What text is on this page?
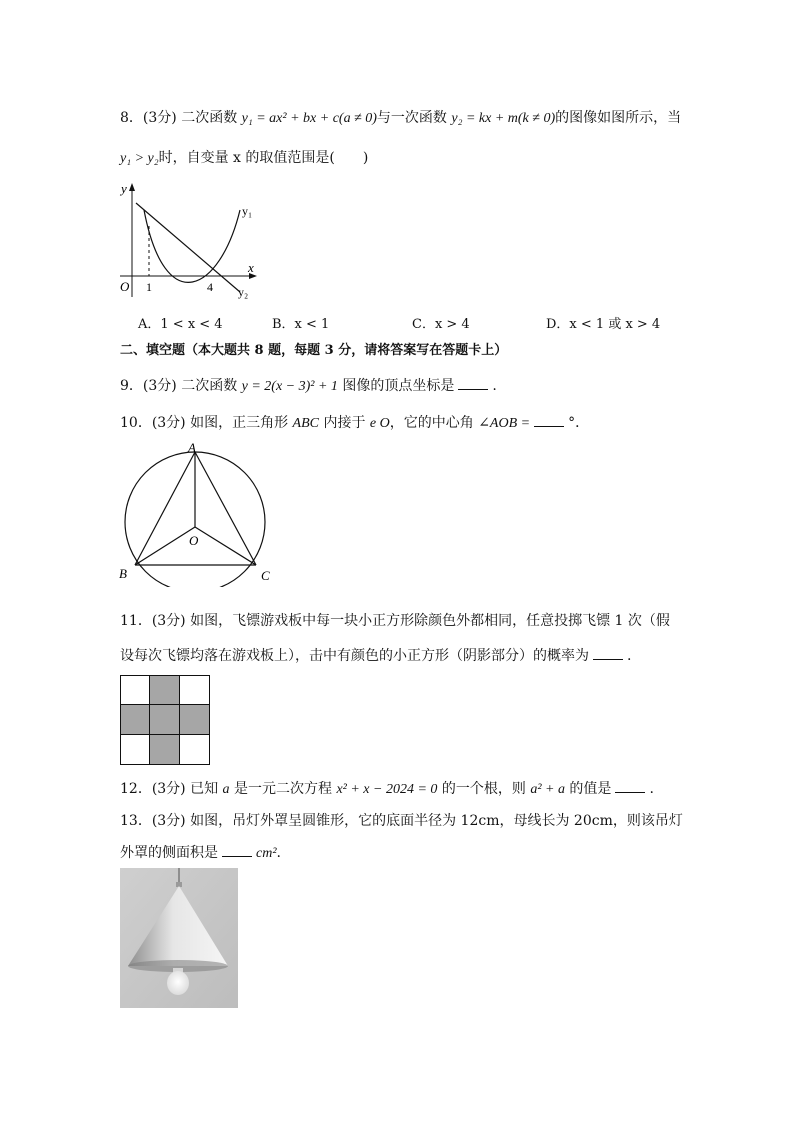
8．(3分) 二次函数 y₁ = ax² + bx + c(a ≠ 0)与一次函数 y₂ = kx + m(k ≠ 0)的图像如图所示，当
y₁ > y₂时，自变量 x 的取值范围是(　　)
y
x
O 1	4
y₁
y₂
A．1 < x < 4	B．x < 1	C．x > 4	D．x < 1 或 x > 4
二、填空题（本大题共 8 题，每题 3 分，请将答案写在答题卡上）
9．(3分) 二次函数 y = 2(x − 3)² + 1 图像的顶点坐标是	.
10．(3分) 如图，正三角形 ABC 内接于 e O，它的中心角 ∠AOB =	°．
A
B	C
O
11．(3分) 如图，飞镖游戏板中每一块小正方形除颜色外都相同，任意投掷飞镖 1 次（假
设每次飞镖均落在游戏板上），击中有颜色的小正方形（阴影部分）的概率为	.
12．(3分) 已知 a 是一元二次方程 x² + x − 2024 = 0 的一个根，则 a² + a 的值是	.
13．(3分) 如图，吊灯外罩呈圆锥形，它的底面半径为 12cm，母线长为 20cm，则该吊灯
外罩的侧面积是	cm².
